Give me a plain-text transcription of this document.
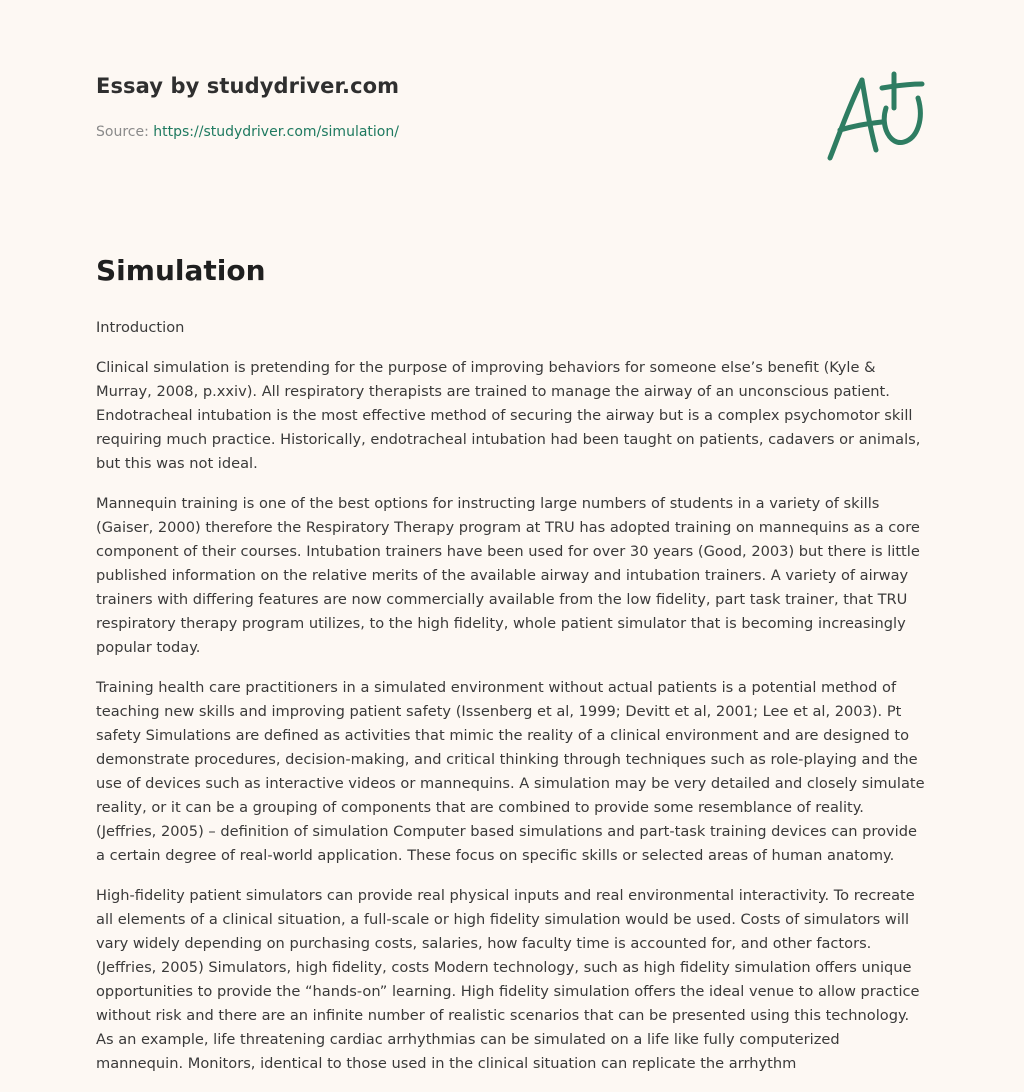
Essay by studydriver.com
Source: https://studydriver.com/simulation/
Simulation

Introduction

Clinical simulation is pretending for the purpose of improving behaviors for someone else’s benefit (Kyle & Murray, 2008, p.xxiv). All respiratory therapists are trained to manage the airway of an unconscious patient. Endotracheal intubation is the most effective method of securing the airway but is a complex psychomotor skill requiring much practice. Historically, endotracheal intubation had been taught on patients, cadavers or animals, but this was not ideal.

Mannequin training is one of the best options for instructing large numbers of students in a variety of skills (Gaiser, 2000) therefore the Respiratory Therapy program at TRU has adopted training on mannequins as a core component of their courses. Intubation trainers have been used for over 30 years (Good, 2003) but there is little published information on the relative merits of the available airway and intubation trainers. A variety of airway trainers with differing features are now commercially available from the low fidelity, part task trainer, that TRU respiratory therapy program utilizes, to the high fidelity, whole patient simulator that is becoming increasingly popular today.

Training health care practitioners in a simulated environment without actual patients is a potential method of teaching new skills and improving patient safety (Issenberg et al, 1999; Devitt et al, 2001; Lee et al, 2003). Pt safety Simulations are defined as activities that mimic the reality of a clinical environment and are designed to demonstrate procedures, decision-making, and critical thinking through techniques such as role-playing and the use of devices such as interactive videos or mannequins. A simulation may be very detailed and closely simulate reality, or it can be a grouping of components that are combined to provide some resemblance of reality. (Jeffries, 2005) – definition of simulation Computer based simulations and part-task training devices can provide a certain degree of real-world application. These focus on specific skills or selected areas of human anatomy.

High-fidelity patient simulators can provide real physical inputs and real environmental interactivity. To recreate all elements of a clinical situation, a full-scale or high fidelity simulation would be used. Costs of simulators will vary widely depending on purchasing costs, salaries, how faculty time is accounted for, and other factors. (Jeffries, 2005) Simulators, high fidelity, costs Modern technology, such as high fidelity simulation offers unique opportunities to provide the “hands-on” learning. High fidelity simulation offers the ideal venue to allow practice without risk and there are an infinite number of realistic scenarios that can be presented using this technology. As an example, life threatening cardiac arrhythmias can be simulated on a life like fully computerized mannequin. Monitors, identical to those used in the clinical situation can replicate the arrhythm
